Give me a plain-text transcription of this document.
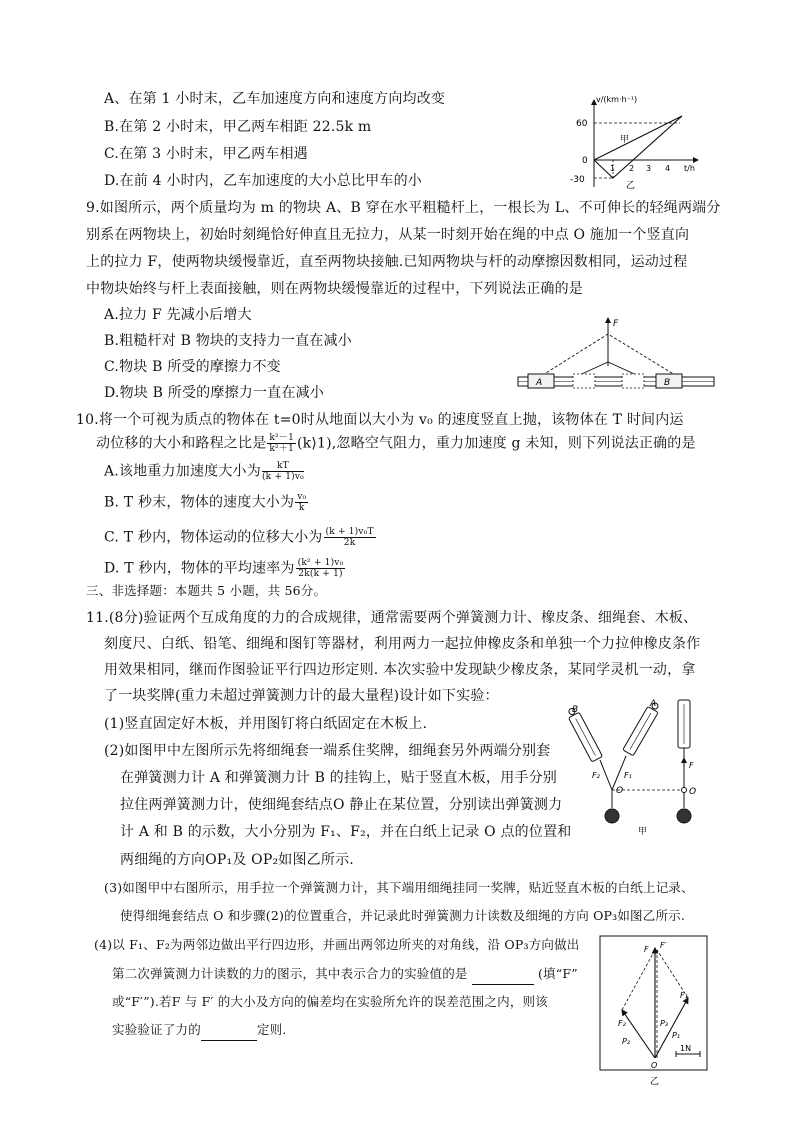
A、在第 1 小时末，乙车加速度方向和速度方向均改变
B.在第 2 小时末，甲乙两车相距 22.5k m
C.在第 3 小时末，甲乙两车相遇
D.在前 4 小时内，乙车加速度的大小总比甲车的小
v/(km·h⁻¹)
60
0
-30
1 2 3 4 t/h
甲
乙
9.如图所示，两个质量均为 m 的物块 A、B 穿在水平粗糙杆上，一根长为 L、不可伸长的轻绳两端分
别系在两物块上，初始时刻绳恰好伸直且无拉力，从某一时刻开始在绳的中点 O 施加一个竖直向
上的拉力 F，使两物块缓慢靠近，直至两物块接触.已知两物块与杆的动摩擦因数相同，运动过程
中物块始终与杆上表面接触，则在两物块缓慢靠近的过程中，下列说法正确的是
A.拉力 F 先减小后增大
B.粗糙杆对 B 物块的支持力一直在减小
C.物块 B 所受的摩擦力不变
D.物块 B 所受的摩擦力一直在减小
F
A	B
10.将一个可视为质点的物体在 t=0时从地面以大小为 v₀ 的速度竖直上抛，该物体在 T 时间内运
动位移的大小和路程之比是 $\frac{\text{k²－1}}{\text{k²＋1}}$ (k⟩1),忽略空气阻力，重力加速度 g 未知，则下列说法正确的是
A.该地重力加速度大小为 $\frac{kT}{\text{(k + 1)v₀}}$
B. T 秒末，物体的速度大小为 $\frac{\text{v₀}}{k}$
C. T 秒内，物体运动的位移大小为 $\frac{\text{(k + 1)v₀T}}{2k}$
D. T 秒内，物体的平均速率为 $\frac{\text{(k² + 1)v₀}}{2k(k + 1)}$
三、非选择题：本题共 5 小题，共 56分。
11.(8分)验证两个互成角度的力的合成规律，通常需要两个弹簧测力计、橡皮条、细绳套、木板、
刻度尺、白纸、铅笔、细绳和图钉等器材，利用两力一起拉伸橡皮条和单独一个力拉伸橡皮条作
用效果相同，继而作图验证平行四边形定则. 本次实验中发现缺少橡皮条，某同学灵机一动，拿
了一块奖牌(重力未超过弹簧测力计的最大量程)设计如下实验：
(1)竖直固定好木板，并用图钉将白纸固定在木板上.
(2)如图甲中左图所示先将细绳套一端系住奖牌，细绳套另外两端分别套
在弹簧测力计 A 和弹簧测力计 B 的挂钩上，贴于竖直木板，用手分别
拉住两弹簧测力计，使细绳套结点O 静止在某位置，分别读出弹簧测力
计 A 和 B 的示数，大小分别为 F₁、F₂，并在白纸上记录 O 点的位置和
两细绳的方向OP₁及 OP₂如图乙所示.
(3)如图甲中右图所示，用手拉一个弹簧测力计，其下端用细绳挂同一奖牌，贴近竖直木板的白纸上记录、
使得细绳套结点 O 和步骤(2)的位置重合，并记录此时弹簧测力计读数及细绳的方向 OP₃如图乙所示.
(4)以 F₁、F₂为两邻边做出平行四边形，并画出两邻边所夹的对角线，沿 OP₃方向做出
第二次弹簧测力计读数的力的图示，其中表示合力的实验值的是	(填“F”
或“F′”).若F 与 F′ 的大小及方向的偏差均在实验所允许的误差范围之内，则该
实验验证了力的	定则.
B
A
F₂	F₁
O
F
O
甲
F F′
F₁
F₂	P₃
P₁
P₂
O
1N
乙
